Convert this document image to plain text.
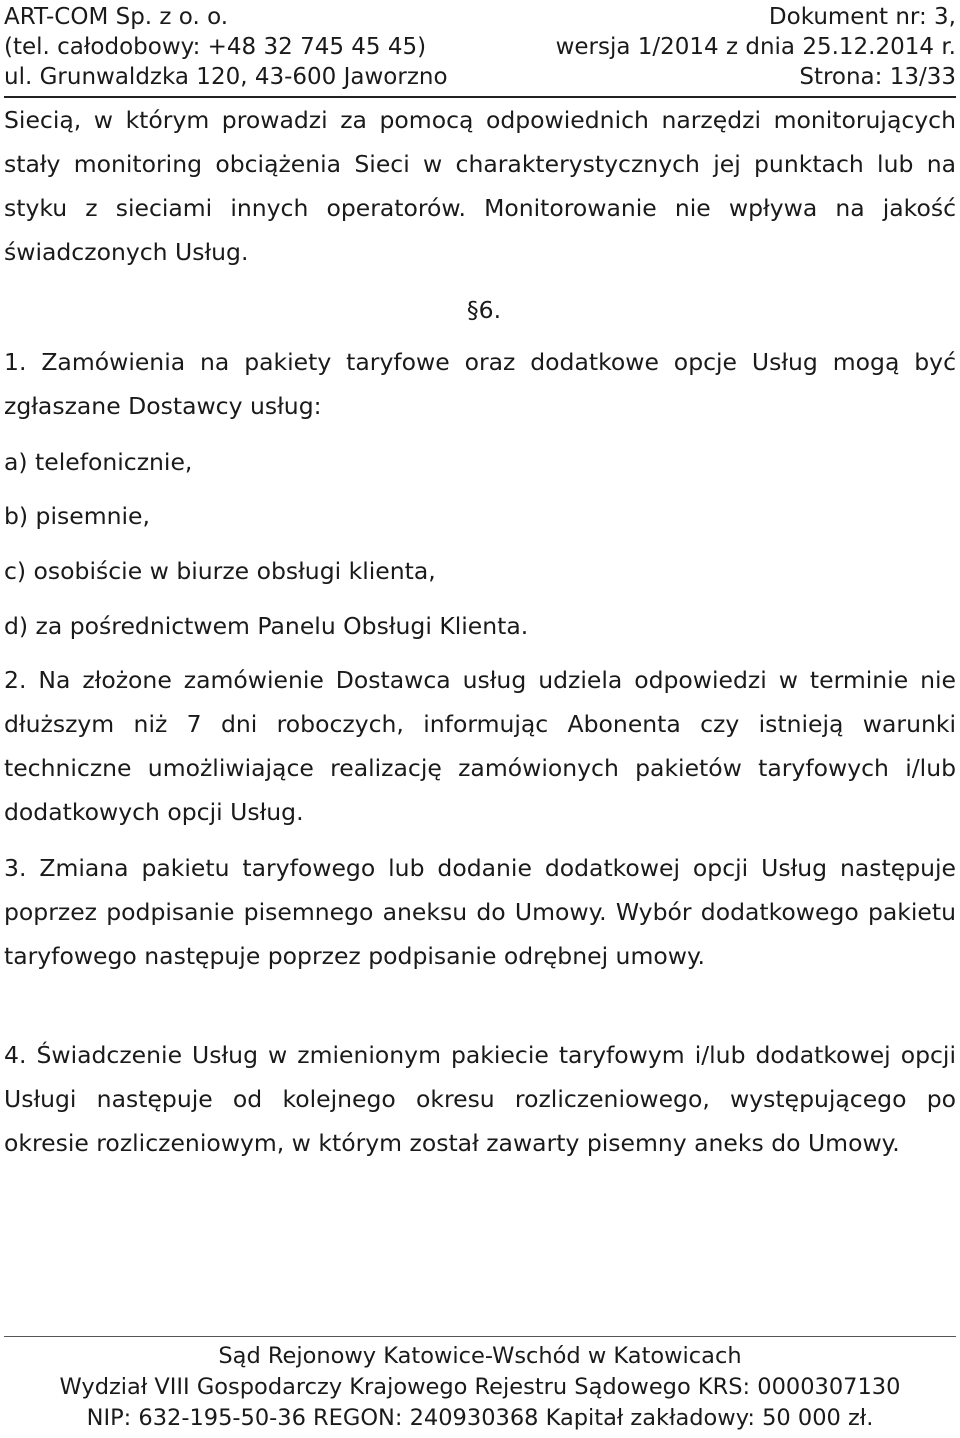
ART-COM Sp. z o. o.	Dokument nr: 3,
(tel. całodobowy: +48 32 745 45 45)	wersja 1/2014 z dnia 25.12.2014 r.
ul. Grunwaldzka 120, 43-600 Jaworzno	Strona: 13/33

Siecią, w którym prowadzi za pomocą odpowiednich narzędzi monitorujących stały monitoring obciążenia Sieci w charakterystycznych jej punktach lub na styku z sieciami innych operatorów. Monitorowanie nie wpływa na jakość świadczonych Usług.

§6.

1. Zamówienia na pakiety taryfowe oraz dodatkowe opcje Usług mogą być zgłaszane Dostawcy usług:

a) telefonicznie,

b) pisemnie,

c) osobiście w biurze obsługi klienta,

d) za pośrednictwem Panelu Obsługi Klienta.

2. Na złożone zamówienie Dostawca usług udziela odpowiedzi w terminie nie dłuższym niż 7 dni roboczych, informując Abonenta czy istnieją warunki techniczne umożliwiające realizację zamówionych pakietów taryfowych i/lub dodatkowych opcji Usług.

3. Zmiana pakietu taryfowego lub dodanie dodatkowej opcji Usług następuje poprzez podpisanie pisemnego aneksu do Umowy. Wybór dodatkowego pakietu taryfowego następuje poprzez podpisanie odrębnej umowy.

4. Świadczenie Usług w zmienionym pakiecie taryfowym i/lub dodatkowej opcji Usługi następuje od kolejnego okresu rozliczeniowego, występującego po okresie rozliczeniowym, w którym został zawarty pisemny aneks do Umowy.

Sąd Rejonowy Katowice-Wschód w Katowicach
Wydział VIII Gospodarczy Krajowego Rejestru Sądowego KRS: 0000307130
NIP: 632-195-50-36 REGON: 240930368 Kapitał zakładowy: 50 000 zł.
